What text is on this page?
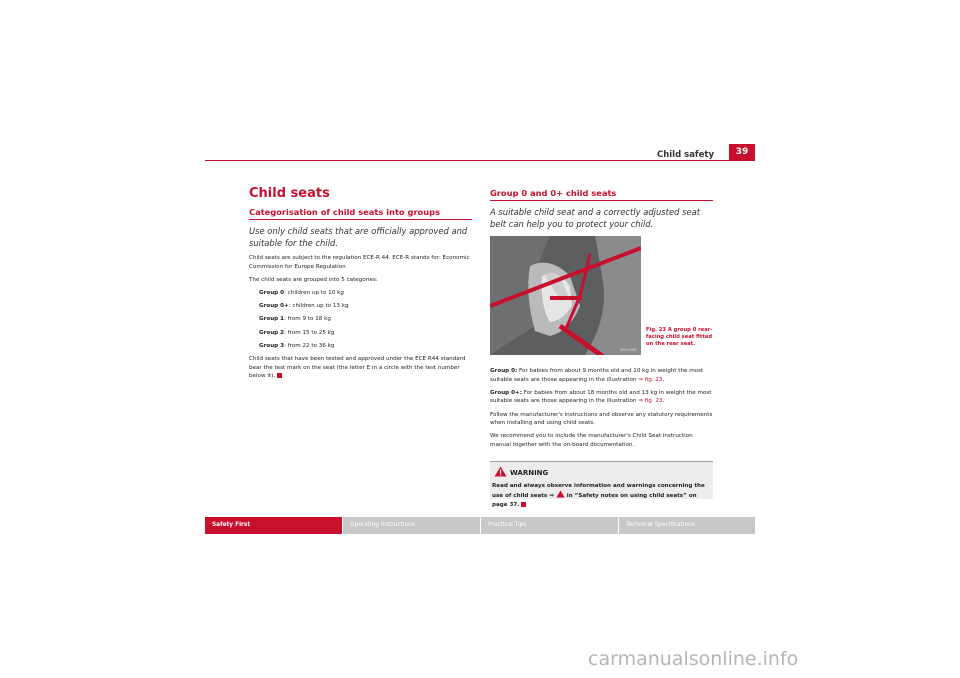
Child safety	39
Child seats
Categorisation of child seats into groups
Use only child seats that are officially approved and suitable for the child.
Child seats are subject to the regulation ECE-R 44. ECE-R stands for: Economic Commission for Europe Regulation
The child seats are grouped into 5 categories:
Group 0: children up to 10 kg
Group 0+: children up to 13 kg
Group 1: from 9 to 18 kg
Group 2: from 15 to 25 kg
Group 3: from 22 to 36 kg
Child seats that have been tested and approved under the ECE R44 standard bear the test mark on the seat (the letter E in a circle with the test number below it).
Group 0 and 0+ child seats
A suitable child seat and a correctly adjusted seat belt can help you to protect your child.
B5P-0061
Fig. 23 A group 0 rear-facing child seat fitted on the rear seat.
Group 0: For babies from about 9 months old and 10 kg in weight the most suitable seats are those appearing in the illustration ⇒ fig. 23.
Group 0+: For babies from about 18 months old and 13 kg in weight the most suitable seats are those appearing in the illustration ⇒ fig. 23.
Follow the manufacturer's instructions and observe any statutory requirements when installing and using child seats.
We recommend you to include the manufacturer's Child Seat instruction manual together with the on-board documentation.
WARNING
Read and always observe information and warnings concerning the use of child seats ⇒  in “Safety notes on using child seats” on page 37.
Safety First	Operating instructions	Practical Tips	Technical Specifications
carmanualsonline.info
